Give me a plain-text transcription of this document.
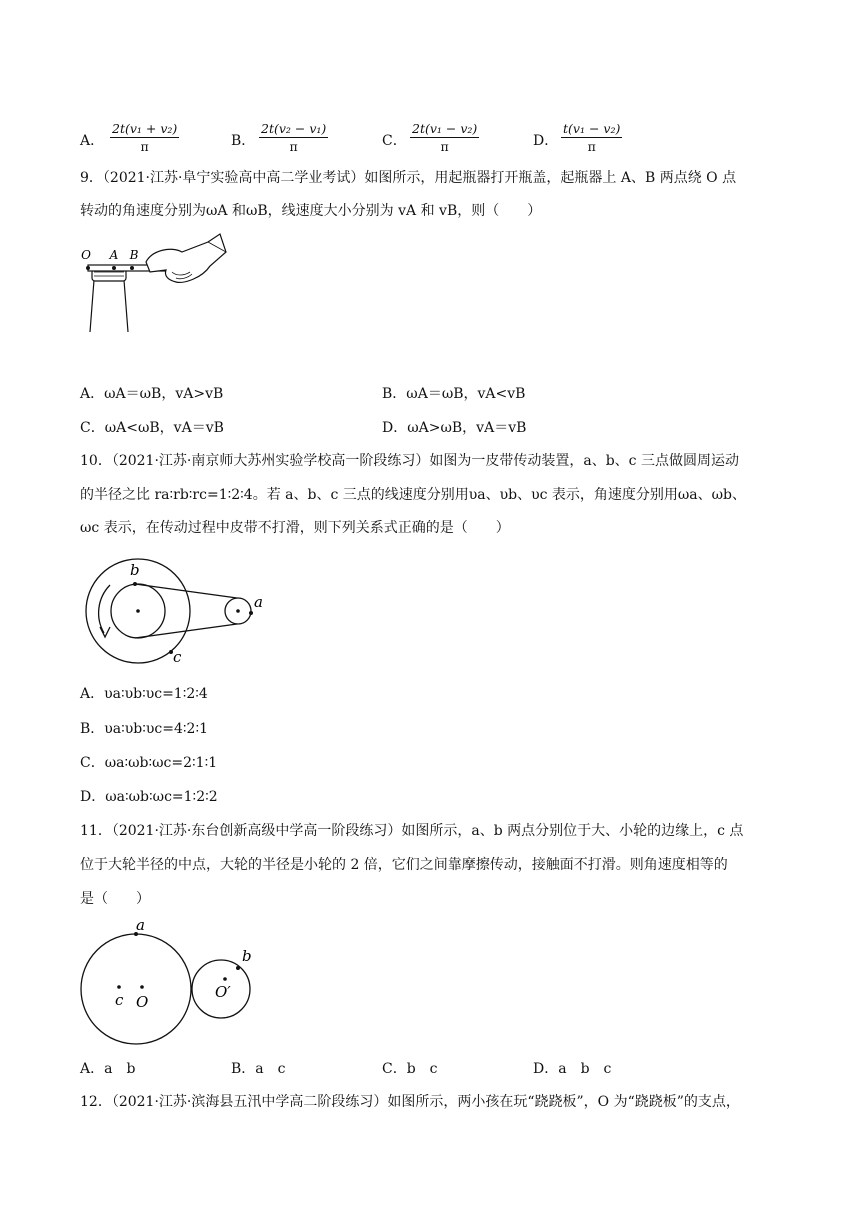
A． $\frac{\text{2t(v₁ + v₂)}}{\pi}$	B． $\frac{\text{2t(v₂ − v₁)}}{\pi}$	C． $\frac{\text{2t(v₁ − v₂)}}{\pi}$	D． $\frac{\text{t(v₁ − v₂)}}{\pi}$
9．（2021·江苏·阜宁实验高中高二学业考试）如图所示，用起瓶器打开瓶盖，起瓶器上 A、B 两点绕 O 点
转动的角速度分别为ωA 和ωB，线速度大小分别为 vA 和 vB，则（　　）
O A B
A．ωA＝ωB，vA>vB	B．ωA＝ωB，vA<vB
C．ωA<ωB，vA＝vB	D．ωA>ωB，vA＝vB
10．（2021·江苏·南京师大苏州实验学校高一阶段练习）如图为一皮带传动装置，a、b、c 三点做圆周运动
的半径之比 ra∶rb∶rc=1∶2∶4。若 a、b、c 三点的线速度分别用υa、υb、υc 表示，角速度分别用ωa、ωb、
ωc 表示，在传动过程中皮带不打滑，则下列关系式正确的是（　　）
b
a
c
A．υa∶υb∶υc=1∶2∶4
B．υa∶υb∶υc=4∶2∶1
C．ωa∶ωb∶ωc=2∶1∶1
D．ωa∶ωb∶ωc=1∶2∶2
11．（2021·江苏·东台创新高级中学高一阶段练习）如图所示，a、b 两点分别位于大、小轮的边缘上，c 点
位于大轮半径的中点，大轮的半径是小轮的 2 倍，它们之间靠摩擦传动，接触面不打滑。则角速度相等的
是（　　）
a
c O
b
O′
A．a　b	B．a　c	C．b　c	D．a　b　c
12．（2021·江苏·滨海县五汛中学高二阶段练习）如图所示，两小孩在玩“跷跷板”，O 为“跷跷板”的支点，
